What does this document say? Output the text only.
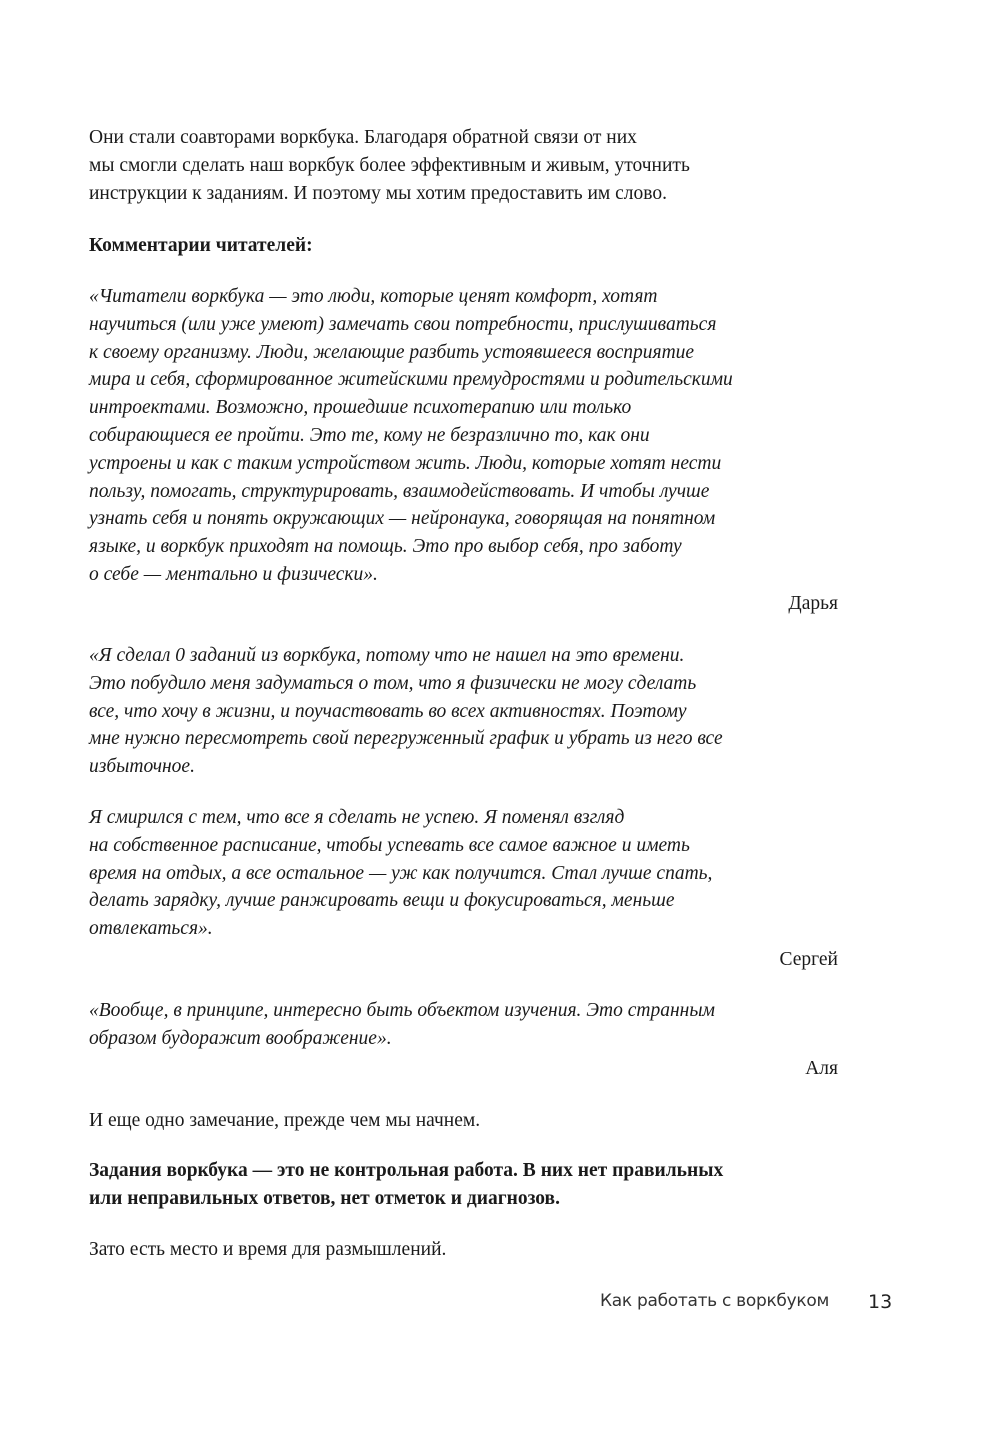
Они стали соавторами воркбука. Благодаря обратной связи от них
мы смогли сделать наш воркбук более эффективным и живым, уточнить
инструкции к заданиям. И поэтому мы хотим предоставить им слово.
Комментарии читателей:
«Читатели воркбука — это люди, которые ценят комфорт, хотят
научиться (или уже умеют) замечать свои потребности, прислушиваться
к своему организму. Люди, желающие разбить устоявшееся восприятие
мира и себя, сформированное житейскими премудростями и родительскими
интроектами. Возможно, прошедшие психотерапию или только
собирающиеся ее пройти. Это те, кому не безразлично то, как они
устроены и как с таким устройством жить. Люди, которые хотят нести
пользу, помогать, структурировать, взаимодействовать. И чтобы лучше
узнать себя и понять окружающих — нейронаука, говорящая на понятном
языке, и воркбук приходят на помощь. Это про выбор себя, про заботу
о себе — ментально и физически».
Дарья
«Я сделал 0 заданий из воркбука, потому что не нашел на это времени.
Это побудило меня задуматься о том, что я физически не могу сделать
все, что хочу в жизни, и поучаствовать во всех активностях. Поэтому
мне нужно пересмотреть свой перегруженный график и убрать из него все
избыточное.
Я смирился с тем, что все я сделать не успею. Я поменял взгляд
на собственное расписание, чтобы успевать все самое важное и иметь
время на отдых, а все остальное — уж как получится. Стал лучше спать,
делать зарядку, лучше ранжировать вещи и фокусироваться, меньше
отвлекаться».
Сергей
«Вообще, в принципе, интересно быть объектом изучения. Это странным
образом будоражит воображение».
Аля
И еще одно замечание, прежде чем мы начнем.
Задания воркбука — это не контрольная работа. В них нет правильных
или неправильных ответов, нет отметок и диагнозов.
Зато есть место и время для размышлений.
Как работать с воркбуком 13
